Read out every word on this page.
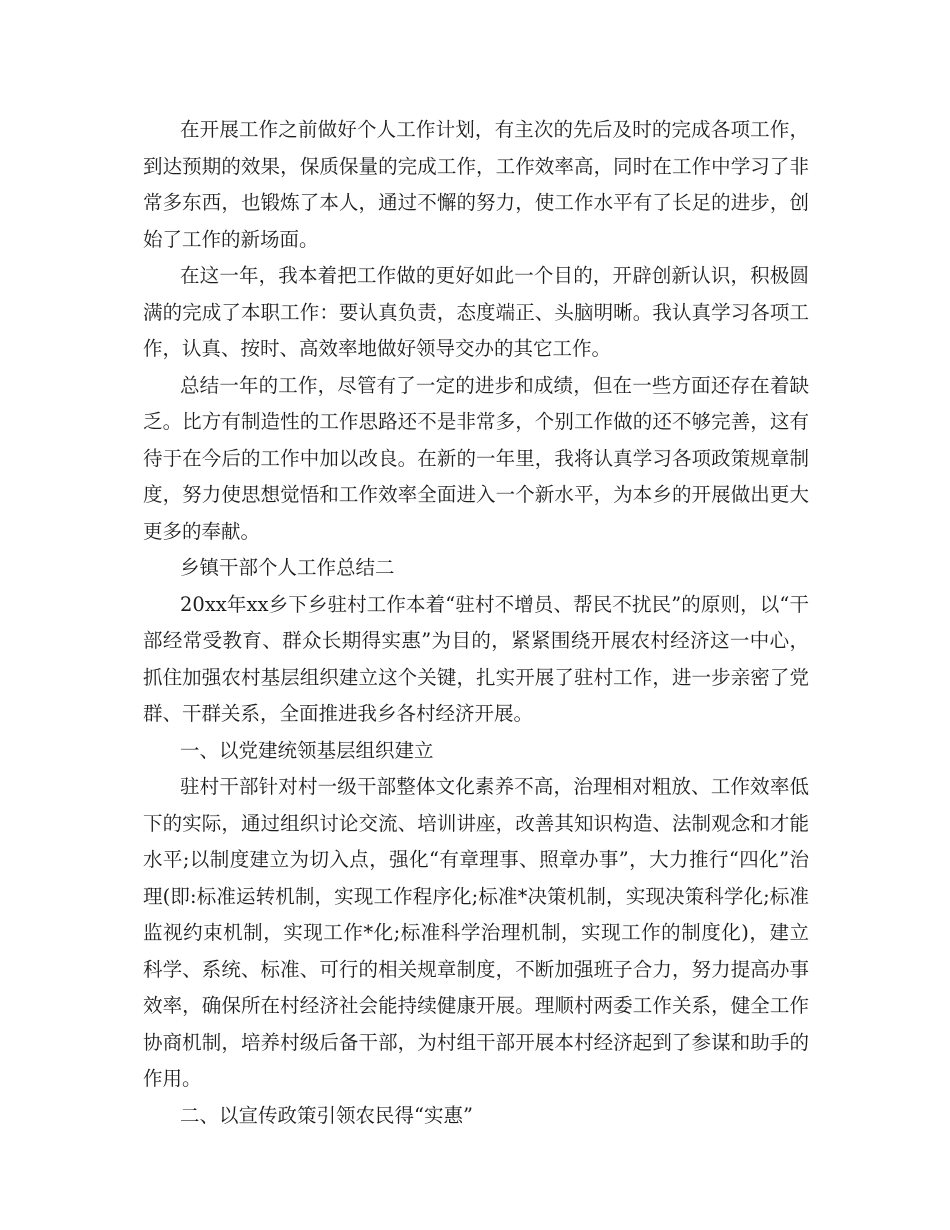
在开展工作之前做好个人工作计划，有主次的先后及时的完成各项工作，到达预期的效果，保质保量的完成工作，工作效率高，同时在工作中学习了非常多东西，也锻炼了本人，通过不懈的努力，使工作水平有了长足的进步，创始了工作的新场面。

在这一年，我本着把工作做的更好如此一个目的，开辟创新认识，积极圆满的完成了本职工作：要认真负责，态度端正、头脑明晰。我认真学习各项工作，认真、按时、高效率地做好领导交办的其它工作。

总结一年的工作，尽管有了一定的进步和成绩，但在一些方面还存在着缺乏。比方有制造性的工作思路还不是非常多，个别工作做的还不够完善，这有待于在今后的工作中加以改良。在新的一年里，我将认真学习各项政策规章制度，努力使思想觉悟和工作效率全面进入一个新水平，为本乡的开展做出更大更多的奉献。

乡镇干部个人工作总结二

20xx年xx乡下乡驻村工作本着“驻村不增员、帮民不扰民”的原则，以“干部经常受教育、群众长期得实惠”为目的，紧紧围绕开展农村经济这一中心，抓住加强农村基层组织建立这个关键，扎实开展了驻村工作，进一步亲密了党群、干群关系，全面推进我乡各村经济开展。

一、以党建统领基层组织建立

驻村干部针对村一级干部整体文化素养不高，治理相对粗放、工作效率低下的实际，通过组织讨论交流、培训讲座，改善其知识构造、法制观念和才能水平;以制度建立为切入点，强化“有章理事、照章办事”，大力推行“四化”治理(即:标准运转机制，实现工作程序化;标准*决策机制，实现决策科学化;标准监视约束机制，实现工作*化;标准科学治理机制，实现工作的制度化)，建立科学、系统、标准、可行的相关规章制度，不断加强班子合力，努力提高办事效率，确保所在村经济社会能持续健康开展。理顺村两委工作关系，健全工作协商机制，培养村级后备干部，为村组干部开展本村经济起到了参谋和助手的作用。

二、以宣传政策引领农民得“实惠”
